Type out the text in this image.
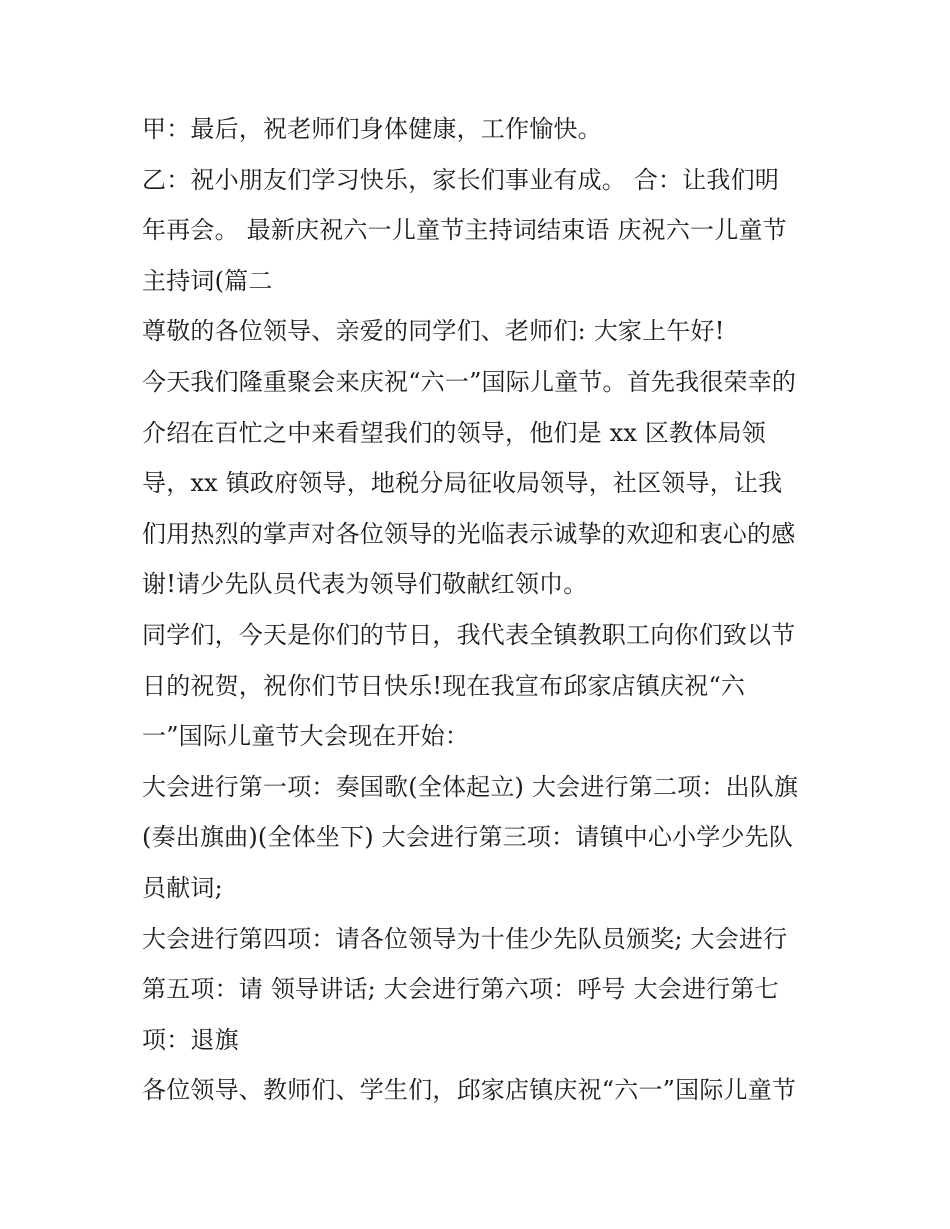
甲：最后，祝老师们身体健康，工作愉快。
乙：祝小朋友们学习快乐，家长们事业有成。 合：让我们明
年再会。 最新庆祝六一儿童节主持词结束语 庆祝六一儿童节
主持词(篇二
尊敬的各位领导、亲爱的同学们、老师们: 大家上午好!
今天我们隆重聚会来庆祝“六一”国际儿童节。首先我很荣幸的
介绍在百忙之中来看望我们的领导，他们是 xx 区教体局领
导，xx 镇政府领导，地税分局征收局领导，社区领导，让我
们用热烈的掌声对各位领导的光临表示诚挚的欢迎和衷心的感
谢!请少先队员代表为领导们敬献红领巾。
同学们，今天是你们的节日，我代表全镇教职工向你们致以节
日的祝贺，祝你们节日快乐!现在我宣布邱家店镇庆祝“六
一”国际儿童节大会现在开始：
大会进行第一项：奏国歌(全体起立) 大会进行第二项：出队旗
(奏出旗曲)(全体坐下) 大会进行第三项：请镇中心小学少先队
员献词;
大会进行第四项：请各位领导为十佳少先队员颁奖; 大会进行
第五项：请 领导讲话; 大会进行第六项：呼号 大会进行第七
项：退旗
各位领导、教师们、学生们，邱家店镇庆祝“六一”国际儿童节
